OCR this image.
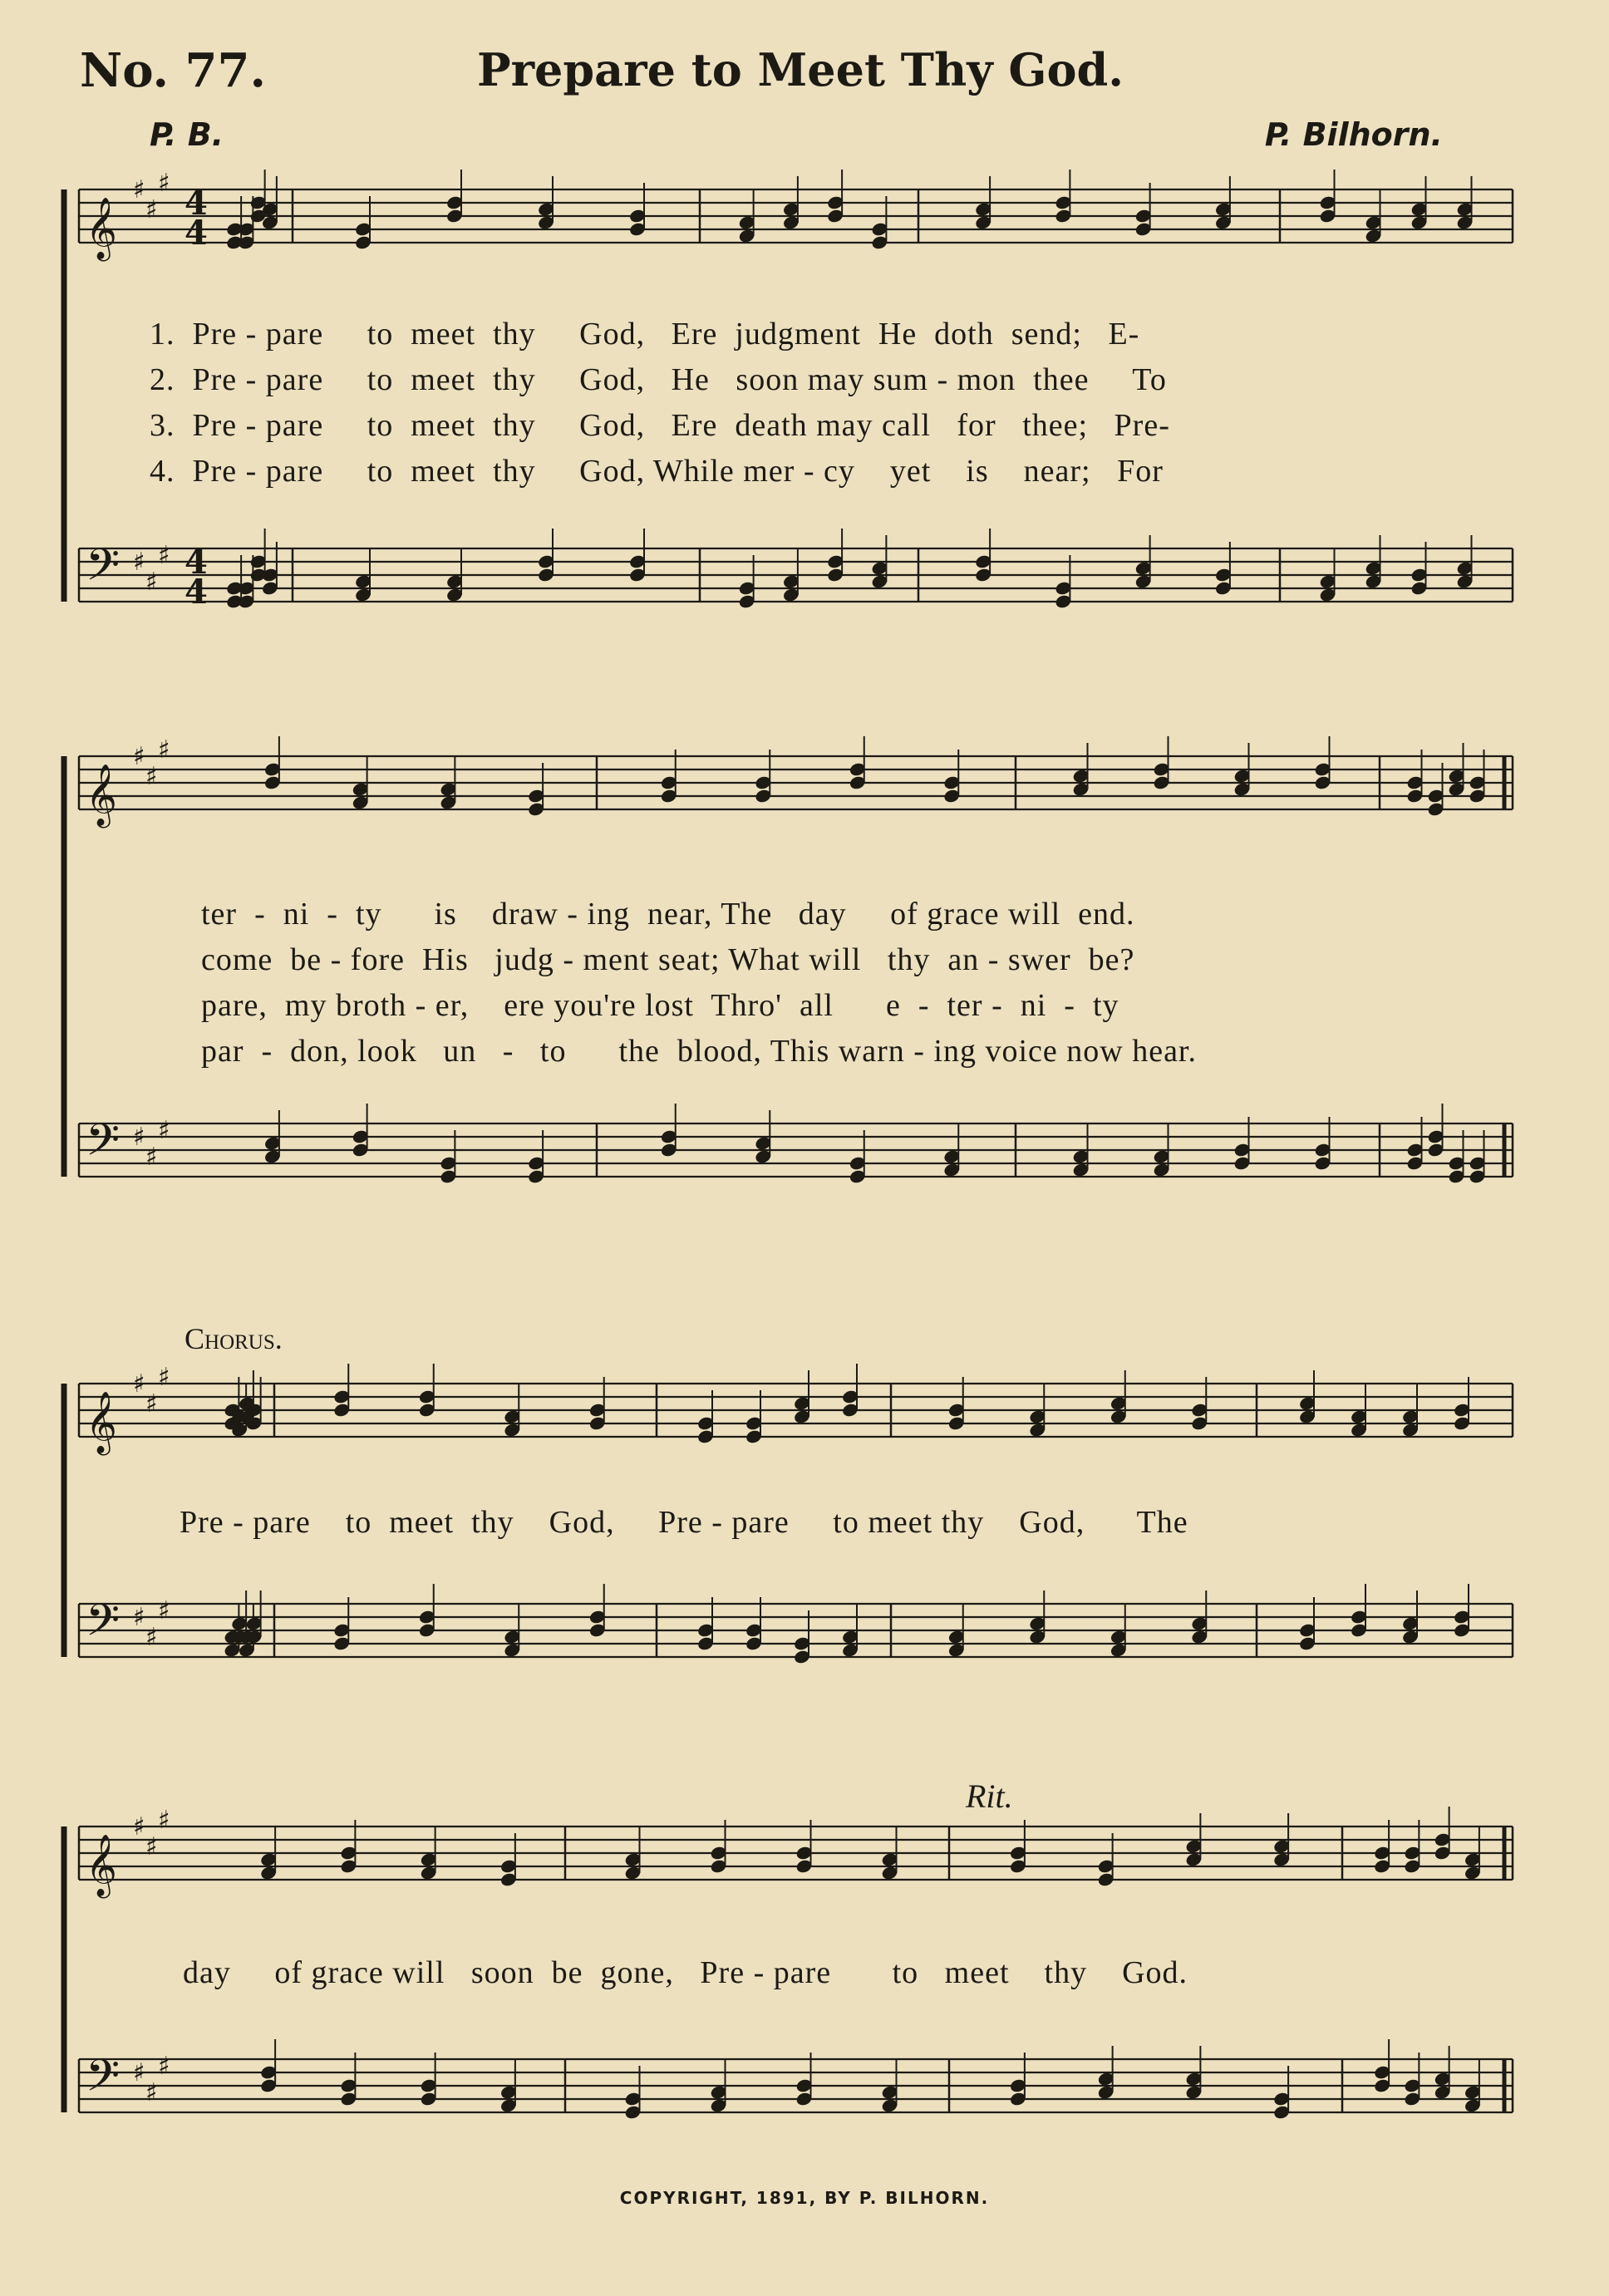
No. 77.	Prepare to Meet Thy God.
P. B.	P. Bilhorn.
𝄞
𝄢
♯
♯
♯
♯
♯
♯
4
4
4
4
𝄞
𝄢
♯
♯
♯
♯
♯
♯
𝄞
𝄢
♯
♯
♯
♯
♯
♯
𝄞
𝄢
♯
♯
♯
♯
♯
♯
1.  Pre - pare     to  meet  thy     God,   Ere  judgment  He  doth  send;   E-
2.  Pre - pare     to  meet  thy     God,   He   soon may sum - mon  thee     To
3.  Pre - pare     to  meet  thy     God,   Ere  death may call   for   thee;   Pre-
4.  Pre - pare     to  meet  thy     God, While mer - cy    yet    is    near;   For
ter  -  ni  -  ty      is    draw - ing  near, The   day     of grace will  end.
come  be - fore  His   judg - ment seat; What will   thy  an - swer  be?
pare,  my broth - er,    ere you're lost  Thro'  all      e  -  ter -  ni  -  ty
par  -  don, look   un   -   to      the  blood, This warn - ing voice now hear.
Chorus.
Pre - pare    to  meet  thy    God,     Pre - pare     to meet thy    God,      The
Rit.
day     of grace will   soon  be  gone,   Pre - pare       to   meet    thy    God.
COPYRIGHT, 1891, BY P. BILHORN.
